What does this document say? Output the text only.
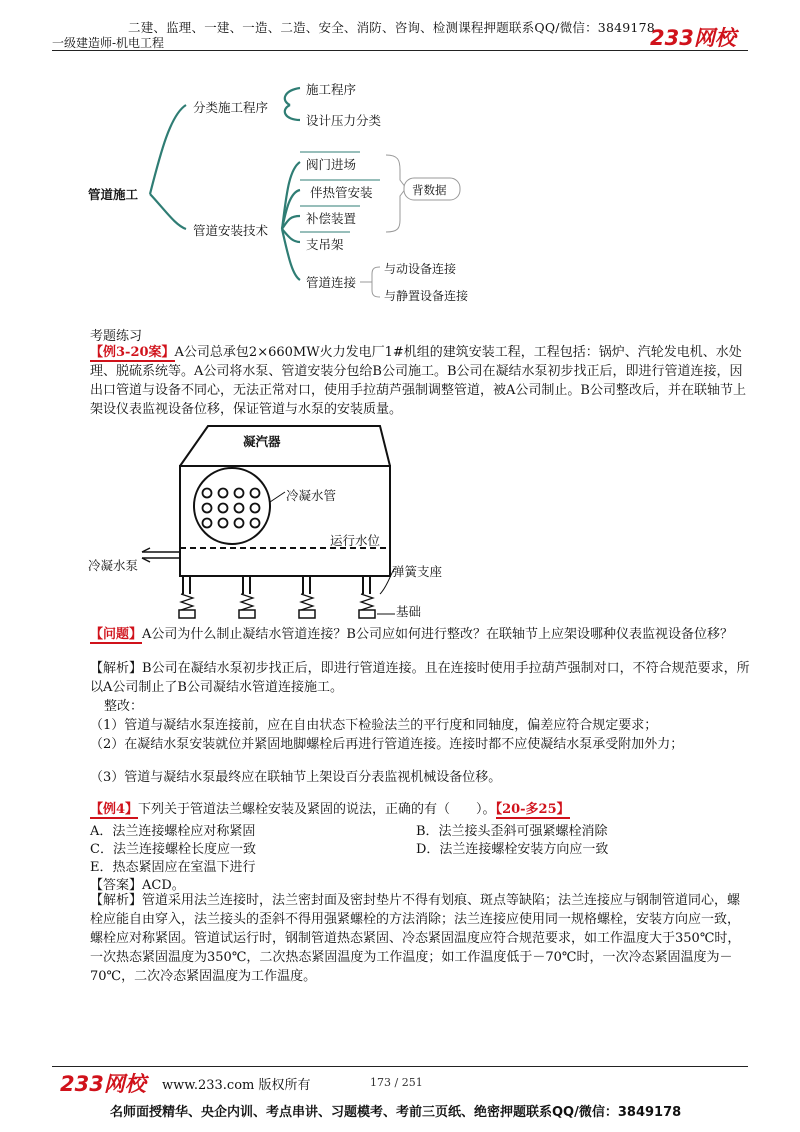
二建、监理、一建、一造、二造、安全、消防、咨询、检测课程押题联系QQ/微信：3849178
233网校
一级建造师-机电工程
管道施工
分类施工程序
施工程序
设计压力分类
管道安装技术
阀门进场
伴热管安装
补偿装置
支吊架
管道连接
背数据
与动设备连接
与静置设备连接
考题练习
【例3-20案】A公司总承包2×660MW火力发电厂1#机组的建筑安装工程，工程包括：锅炉、汽轮发电机、水处理、脱硫系统等。A公司将水泵、管道安装分包给B公司施工。B公司在凝结水泵初步找正后，即进行管道连接，因出口管道与设备不同心，无法正常对口，使用手拉葫芦强制调整管道，被A公司制止。B公司整改后，并在联轴节上架设仪表监视设备位移，保证管道与水泵的安装质量。
凝汽器
冷凝水管
运行水位
冷凝水泵	弹簧支座
基础
【问题】A公司为什么制止凝结水管道连接？B公司应如何进行整改？在联轴节上应架设哪种仪表监视设备位移？
【解析】B公司在凝结水泵初步找正后，即进行管道连接。且在连接时使用手拉葫芦强制对口，不符合规范要求，所以A公司制止了B公司凝结水管道连接施工。
整改：
（1）管道与凝结水泵连接前，应在自由状态下检验法兰的平行度和同轴度，偏差应符合规定要求；
（2）在凝结水泵安装就位并紧固地脚螺栓后再进行管道连接。连接时都不应使凝结水泵承受附加外力；
（3）管道与凝结水泵最终应在联轴节上架设百分表监视机械设备位移。
【例4】下列关于管道法兰螺栓安装及紧固的说法，正确的有（　　）。【20-多25】
A．法兰连接螺栓应对称紧固	B．法兰接头歪斜可强紧螺栓消除
C．法兰连接螺栓长度应一致	D．法兰连接螺栓安装方向应一致
E．热态紧固应在室温下进行
【答案】ACD。
【解析】管道采用法兰连接时，法兰密封面及密封垫片不得有划痕、斑点等缺陷；法兰连接应与钢制管道同心，螺栓应能自由穿入，法兰接头的歪斜不得用强紧螺栓的方法消除；法兰连接应使用同一规格螺栓，安装方向应一致，螺栓应对称紧固。管道试运行时，钢制管道热态紧固、冷态紧固温度应符合规范要求，如工作温度大于350℃时，一次热态紧固温度为350℃，二次热态紧固温度为工作温度；如工作温度低于－70℃时，一次冷态紧固温度为－70℃，二次冷态紧固温度为工作温度。
233网校 www.233.com 版权所有	173 / 251
名师面授精华、央企内训、考点串讲、习题模考、考前三页纸、绝密押题联系QQ/微信：3849178
